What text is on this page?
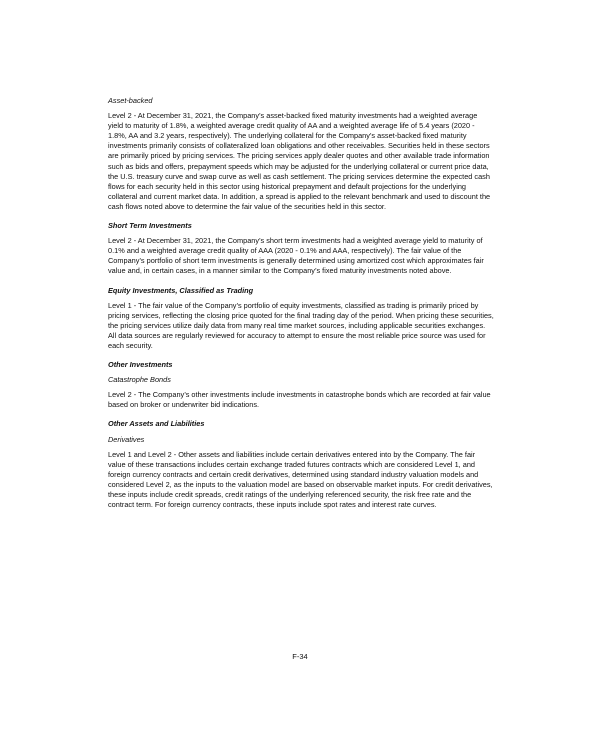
Asset-backed

Level 2 - At December 31, 2021, the Company’s asset-backed fixed maturity investments had a weighted average yield to maturity of 1.8%, a weighted average credit quality of AA and a weighted average life of 5.4 years (2020 - 1.8%, AA and 3.2 years, respectively). The underlying collateral for the Company’s asset-backed fixed maturity investments primarily consists of collateralized loan obligations and other receivables. Securities held in these sectors are primarily priced by pricing services. The pricing services apply dealer quotes and other available trade information such as bids and offers, prepayment speeds which may be adjusted for the underlying collateral or current price data, the U.S. treasury curve and swap curve as well as cash settlement. The pricing services determine the expected cash flows for each security held in this sector using historical prepayment and default projections for the underlying collateral and current market data. In addition, a spread is applied to the relevant benchmark and used to discount the cash flows noted above to determine the fair value of the securities held in this sector.

Short Term Investments

Level 2 - At December 31, 2021, the Company’s short term investments had a weighted average yield to maturity of 0.1% and a weighted average credit quality of AAA (2020 - 0.1% and AAA, respectively). The fair value of the Company’s portfolio of short term investments is generally determined using amortized cost which approximates fair value and, in certain cases, in a manner similar to the Company’s fixed maturity investments noted above.

Equity Investments, Classified as Trading

Level 1 - The fair value of the Company’s portfolio of equity investments, classified as trading is primarily priced by pricing services, reflecting the closing price quoted for the final trading day of the period. When pricing these securities, the pricing services utilize daily data from many real time market sources, including applicable securities exchanges. All data sources are regularly reviewed for accuracy to attempt to ensure the most reliable price source was used for each security.

Other Investments
Catastrophe Bonds

Level 2 - The Company’s other investments include investments in catastrophe bonds which are recorded at fair value based on broker or underwriter bid indications.

Other Assets and Liabilities
Derivatives

Level 1 and Level 2 - Other assets and liabilities include certain derivatives entered into by the Company. The fair value of these transactions includes certain exchange traded futures contracts which are considered Level 1, and foreign currency contracts and certain credit derivatives, determined using standard industry valuation models and considered Level 2, as the inputs to the valuation model are based on observable market inputs. For credit derivatives, these inputs include credit spreads, credit ratings of the underlying referenced security, the risk free rate and the contract term. For foreign currency contracts, these inputs include spot rates and interest rate curves.

F-34
